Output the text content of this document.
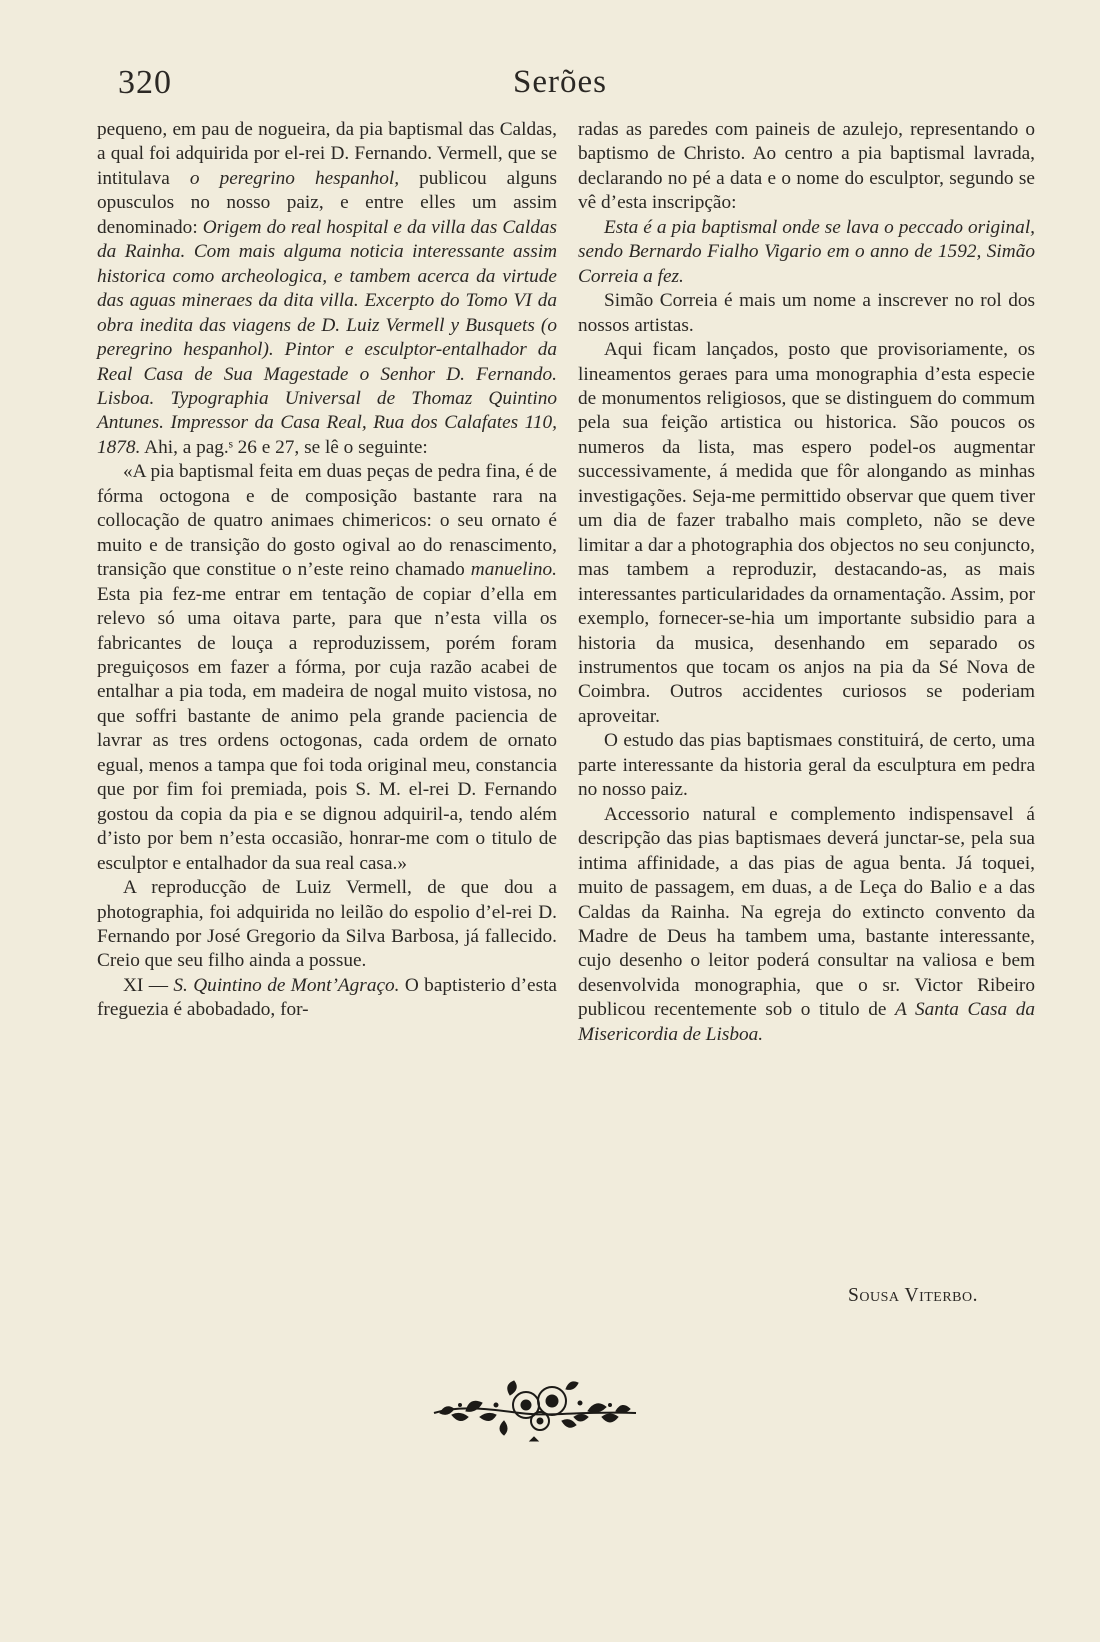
320	Serões

pequeno, em pau de nogueira, da pia baptismal das Caldas, a qual foi adquirida por el-rei D. Fernando. Vermell, que se intitulava o peregrino hespanhol, publicou alguns opusculos no nosso paiz, e entre elles um assim denominado: Origem do real hospital e da villa das Caldas da Rainha. Com mais alguma noticia interessante assim historica como archeologica, e tambem acerca da virtude das aguas mineraes da dita villa. Excerpto do Tomo VI da obra inedita das viagens de D. Luiz Vermell y Busquets (o peregrino hespanhol). Pintor e esculptor-entalhador da Real Casa de Sua Magestade o Senhor D. Fernando. Lisboa. Typographia Universal de Thomaz Quintino Antunes. Impressor da Casa Real, Rua dos Calafates 110, 1878. Ahi, a pag.ˢ 26 e 27, se lê o seguinte:

«A pia baptismal feita em duas peças de pedra fina, é de fórma octogona e de composição bastante rara na collocação de quatro animaes chimericos: o seu ornato é muito e de transição do gosto ogival ao do renascimento, transição que constitue o n’este reino chamado manuelino. Esta pia fez-me entrar em tentação de copiar d’ella em relevo só uma oitava parte, para que n’esta villa os fabricantes de louça a reproduzissem, porém foram preguiçosos em fazer a fórma, por cuja razão acabei de entalhar a pia toda, em madeira de nogal muito vistosa, no que soffri bastante de animo pela grande paciencia de lavrar as tres ordens octogonas, cada ordem de ornato egual, menos a tampa que foi toda original meu, constancia que por fim foi premiada, pois S. M. el-rei D. Fernando gostou da copia da pia e se dignou adquiril-a, tendo além d’isto por bem n’esta occasião, honrar-me com o titulo de esculptor e entalhador da sua real casa.»

A reproducção de Luiz Vermell, de que dou a photographia, foi adquirida no leilão do espolio d’el-rei D. Fernando por José Gregorio da Silva Barbosa, já fallecido. Creio que seu filho ainda a possue.

XI — S. Quintino de Mont’Agraço. O baptisterio d’esta freguezia é abobadado, for-

radas as paredes com paineis de azulejo, representando o baptismo de Christo. Ao centro a pia baptismal lavrada, declarando no pé a data e o nome do esculptor, segundo se vê d’esta inscripção:

Esta é a pia baptismal onde se lava o peccado original, sendo Bernardo Fialho Vigario em o anno de 1592, Simão Correia a fez.

Simão Correia é mais um nome a inscrever no rol dos nossos artistas.

Aqui ficam lançados, posto que provisoriamente, os lineamentos geraes para uma monographia d’esta especie de monumentos religiosos, que se distinguem do commum pela sua feição artistica ou historica. São poucos os numeros da lista, mas espero podel-os augmentar successivamente, á medida que fôr alongando as minhas investigações. Seja-me permittido observar que quem tiver um dia de fazer trabalho mais completo, não se deve limitar a dar a photographia dos objectos no seu conjuncto, mas tambem a reproduzir, destacando-as, as mais interessantes particularidades da ornamentação. Assim, por exemplo, fornecer-se-hia um importante subsidio para a historia da musica, desenhando em separado os instrumentos que tocam os anjos na pia da Sé Nova de Coimbra. Outros accidentes curiosos se poderiam aproveitar.

O estudo das pias baptismaes constituirá, de certo, uma parte interessante da historia geral da esculptura em pedra no nosso paiz.

Accessorio natural e complemento indispensavel á descripção das pias baptismaes deverá junctar-se, pela sua intima affinidade, a das pias de agua benta. Já toquei, muito de passagem, em duas, a de Leça do Balio e a das Caldas da Rainha. Na egreja do extincto convento da Madre de Deus ha tambem uma, bastante interessante, cujo desenho o leitor poderá consultar na valiosa e bem desenvolvida monographia, que o sr. Victor Ribeiro publicou recentemente sob o titulo de A Santa Casa da Misericordia de Lisboa.

Sousa Viterbo.
